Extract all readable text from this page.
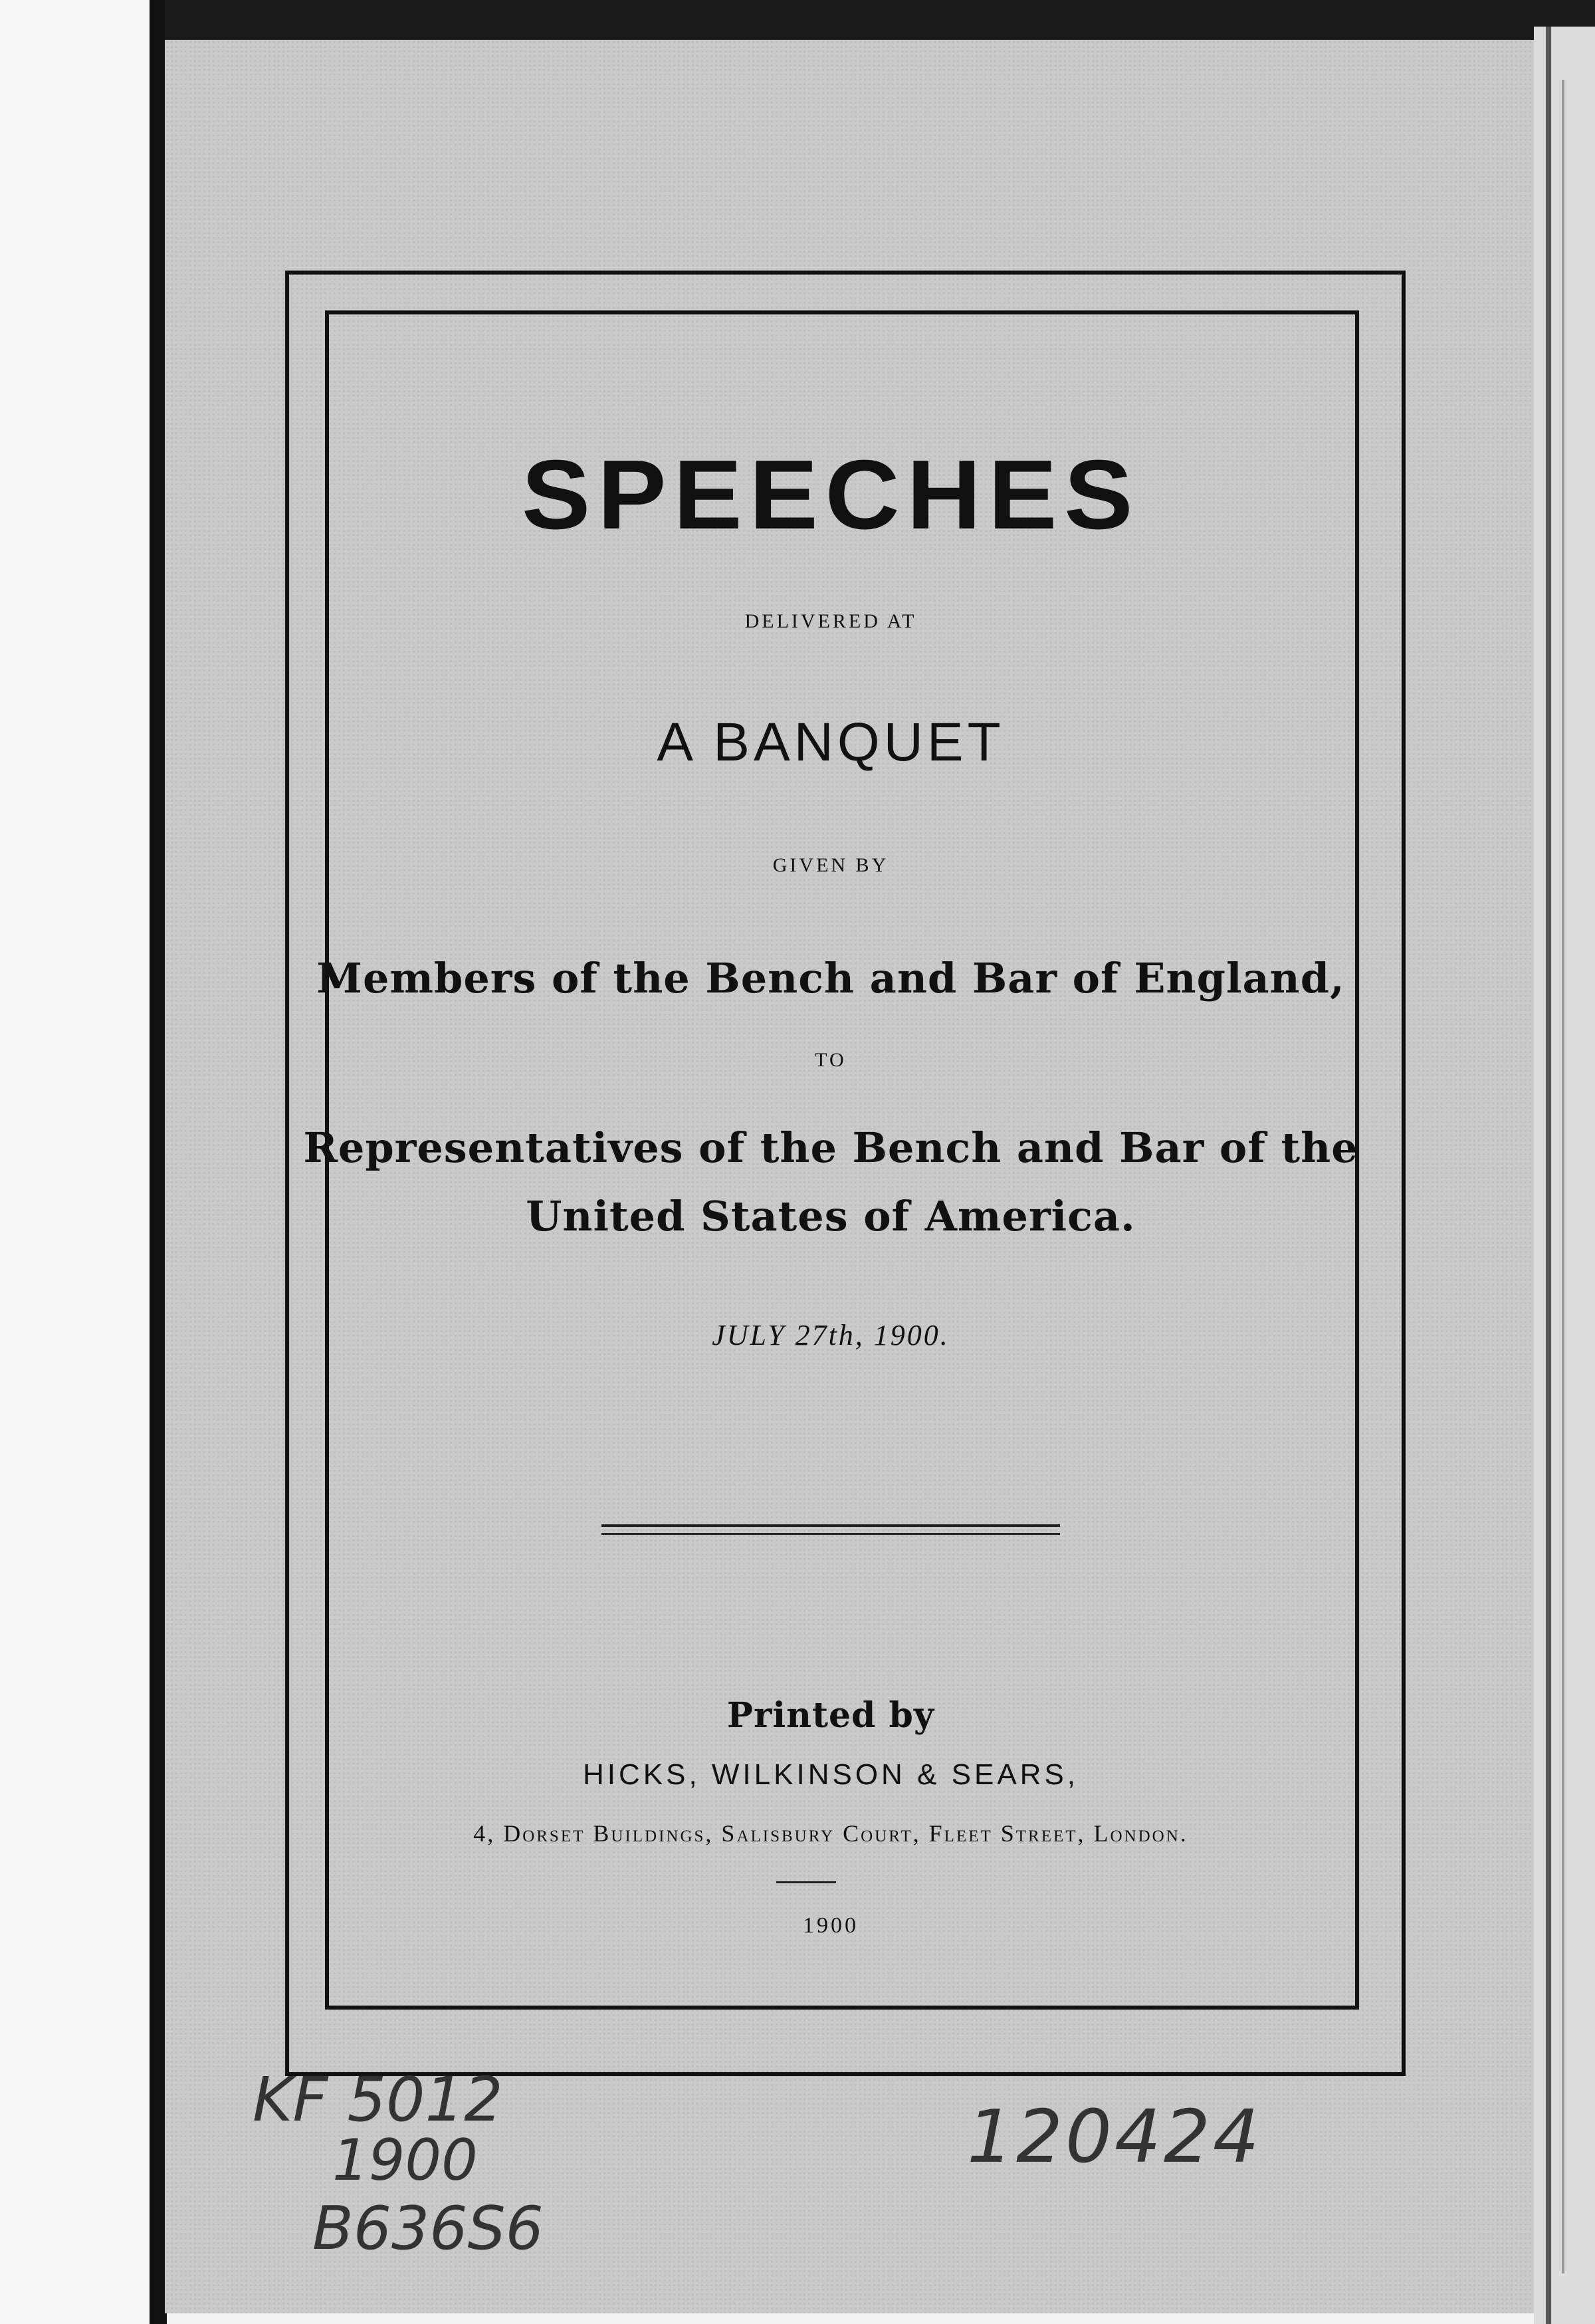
SPEECHES
DELIVERED AT
A BANQUET
GIVEN BY
Members of the Bench and Bar of England,
TO
Representatives of the Bench and Bar of the
United States of America.
JULY 27th, 1900.
Printed by
HICKS, WILKINSON & SEARS,
4, Dorset Buildings, Salisbury Court, Fleet Street, London.
1900
KF 5012
1900
B636S6
120424
